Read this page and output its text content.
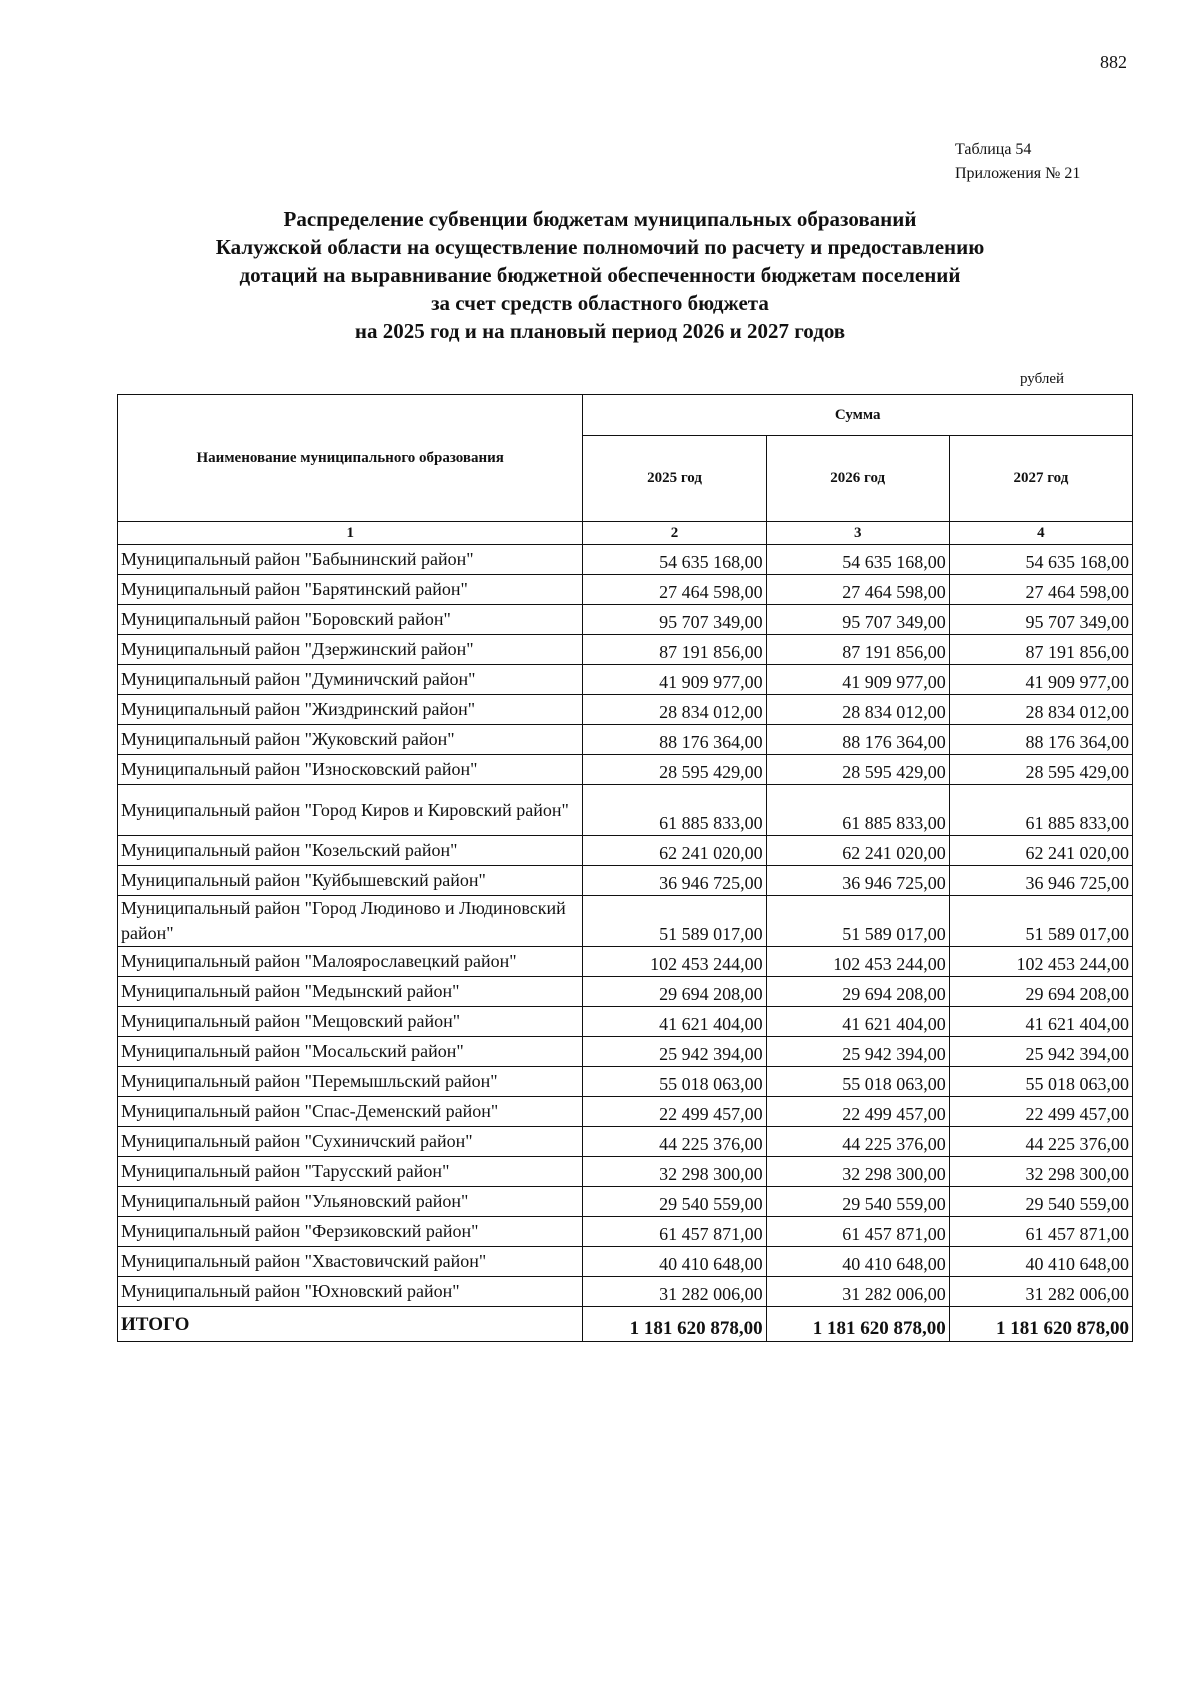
882
Таблица 54
Приложения № 21
Распределение субвенции бюджетам муниципальных образований
Калужской области на осуществление полномочий по расчету и предоставлению
дотаций на выравнивание бюджетной обеспеченности бюджетам поселений
за счет средств областного бюджета
на 2025 год и на плановый период 2026 и 2027 годов
рублей
Наименование муниципального образования	Сумма		
	2025 год	2026 год	2027 год
1	2	3	4
Муниципальный район "Бабынинский район"	54 635 168,00	54 635 168,00	54 635 168,00
Муниципальный район "Барятинский район"	27 464 598,00	27 464 598,00	27 464 598,00
Муниципальный район "Боровский район"	95 707 349,00	95 707 349,00	95 707 349,00
Муниципальный район "Дзержинский район"	87 191 856,00	87 191 856,00	87 191 856,00
Муниципальный район "Думиничский район"	41 909 977,00	41 909 977,00	41 909 977,00
Муниципальный район "Жиздринский район"	28 834 012,00	28 834 012,00	28 834 012,00
Муниципальный район "Жуковский район"	88 176 364,00	88 176 364,00	88 176 364,00
Муниципальный район "Износковский район"	28 595 429,00	28 595 429,00	28 595 429,00
Муниципальный район "Город Киров и Кировский район"	61 885 833,00	61 885 833,00	61 885 833,00
Муниципальный район "Козельский район"	62 241 020,00	62 241 020,00	62 241 020,00
Муниципальный район "Куйбышевский район"	36 946 725,00	36 946 725,00	36 946 725,00
Муниципальный район "Город Людиново и Людиновский район"	51 589 017,00	51 589 017,00	51 589 017,00
Муниципальный район "Малоярославецкий район"	102 453 244,00	102 453 244,00	102 453 244,00
Муниципальный район "Медынский район"	29 694 208,00	29 694 208,00	29 694 208,00
Муниципальный район "Мещовский район"	41 621 404,00	41 621 404,00	41 621 404,00
Муниципальный район "Мосальский район"	25 942 394,00	25 942 394,00	25 942 394,00
Муниципальный район "Перемышльский район"	55 018 063,00	55 018 063,00	55 018 063,00
Муниципальный район "Спас-Деменский район"	22 499 457,00	22 499 457,00	22 499 457,00
Муниципальный район "Сухиничский район"	44 225 376,00	44 225 376,00	44 225 376,00
Муниципальный район "Тарусский район"	32 298 300,00	32 298 300,00	32 298 300,00
Муниципальный район "Ульяновский район"	29 540 559,00	29 540 559,00	29 540 559,00
Муниципальный район "Ферзиковский район"	61 457 871,00	61 457 871,00	61 457 871,00
Муниципальный район "Хвастовичский район"	40 410 648,00	40 410 648,00	40 410 648,00
Муниципальный район "Юхновский район"	31 282 006,00	31 282 006,00	31 282 006,00
ИТОГО	1 181 620 878,00	1 181 620 878,00	1 181 620 878,00
